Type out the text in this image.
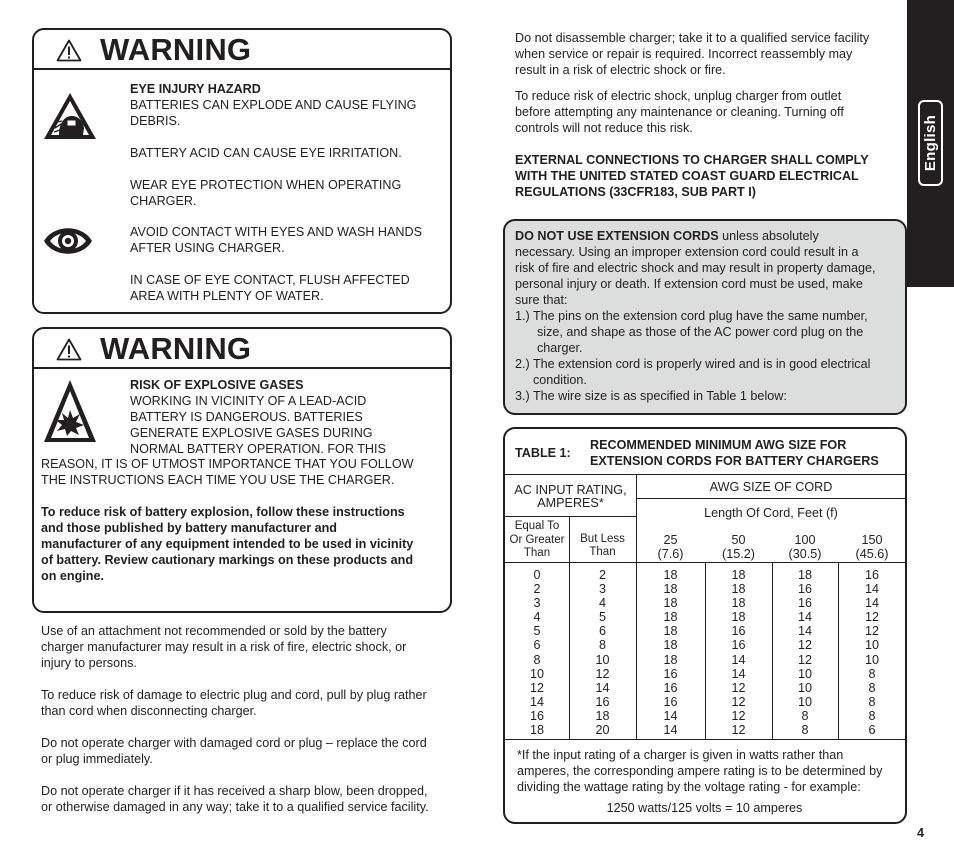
WARNING
EYE INJURY HAZARD
BATTERIES CAN EXPLODE AND CAUSE FLYING
DEBRIS.
BATTERY ACID CAN CAUSE EYE IRRITATION.
WEAR EYE PROTECTION WHEN OPERATING
CHARGER.
AVOID CONTACT WITH EYES AND WASH HANDS
AFTER USING CHARGER.
IN CASE OF EYE CONTACT, FLUSH AFFECTED
AREA WITH PLENTY OF WATER.
WARNING
RISK OF EXPLOSIVE GASES
WORKING IN VICINITY OF A LEAD-ACID
BATTERY IS DANGEROUS. BATTERIES
GENERATE EXPLOSIVE GASES DURING
NORMAL BATTERY OPERATION. FOR THIS
REASON, IT IS OF UTMOST IMPORTANCE THAT YOU FOLLOW
THE INSTRUCTIONS EACH TIME YOU USE THE CHARGER.
To reduce risk of battery explosion, follow these instructions
and those published by battery manufacturer and
manufacturer of any equipment intended to be used in vicinity
of battery. Review cautionary markings on these products and
on engine.
Use of an attachment not recommended or sold by the battery
charger manufacturer may result in a risk of fire, electric shock, or
injury to persons.
To reduce risk of damage to electric plug and cord, pull by plug rather
than cord when disconnecting charger.
Do not operate charger with damaged cord or plug – replace the cord
or plug immediately.
Do not operate charger if it has received a sharp blow, been dropped,
or otherwise damaged in any way; take it to a qualified service facility.
Do not disassemble charger; take it to a qualified service facility
when service or repair is required. Incorrect reassembly may
result in a risk of electric shock or fire.
To reduce risk of electric shock, unplug charger from outlet
before attempting any maintenance or cleaning. Turning off
controls will not reduce this risk.
EXTERNAL CONNECTIONS TO CHARGER SHALL COMPLY
WITH THE UNITED STATED COAST GUARD ELECTRICAL
REGULATIONS (33CFR183, SUB PART I)
English
DO NOT USE EXTENSION CORDS unless absolutely
necessary. Using an improper extension cord could result in a
risk of fire and electric shock and may result in property damage,
personal injury or death. If extension cord must be used, make
sure that:
1.) The pins on the extension cord plug have the same number,
size, and shape as those of the AC power cord plug on the
charger.
2.) The extension cord is properly wired and is in good electrical
condition.
3.) The wire size is as specified in Table 1 below:
TABLE 1:
RECOMMENDED MINIMUM AWG SIZE FOR
EXTENSION CORDS FOR BATTERY CHARGERS
AC INPUT RATING,
AMPERES*
AWG SIZE OF CORD
Length Of Cord, Feet (f)
Equal To
Or Greater
Than
But Less
Than
25
(7.6)
50
(15.2)
100
(30.5)
150
(45.6)
0
2
3
4
5
6
8
10
12
14
16
18
2
3
4
5
6
8
10
12
14
16
18
20
18
18
18
18
18
18
18
16
16
16
14
14
18
18
18
18
16
16
14
14
12
12
12
12
18
16
16
14
14
12
12
10
10
10
8
8
16
14
14
12
12
10
10
8
8
8
8
6
*If the input rating of a charger is given in watts rather than
amperes, the corresponding ampere rating is to be determined by
dividing the wattage rating by the voltage rating - for example:
1250 watts/125 volts = 10 amperes
4
